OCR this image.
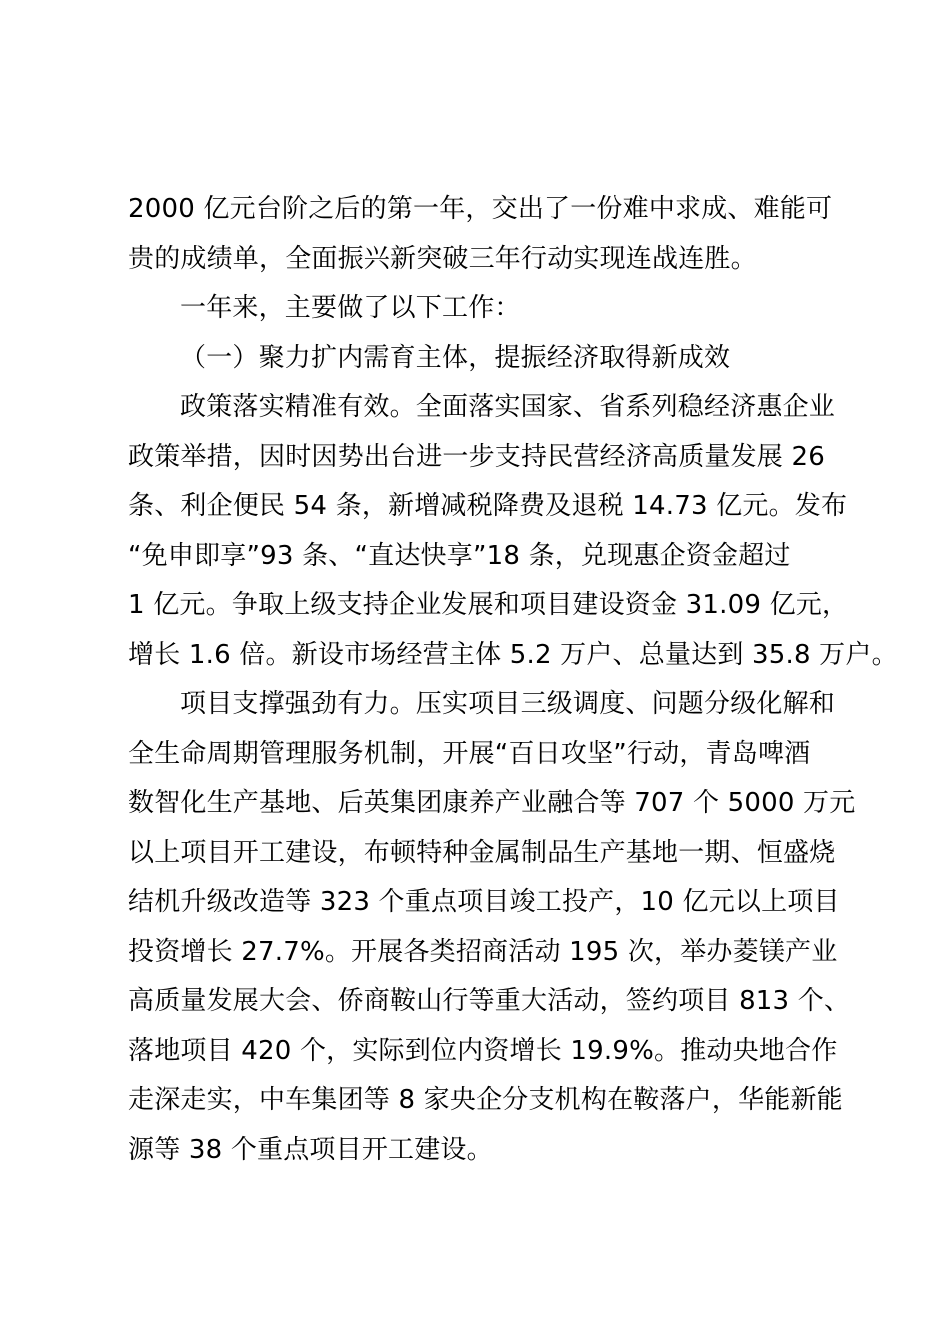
2000 亿元台阶之后的第一年，交出了一份难中求成、难能可
贵的成绩单，全面振兴新突破三年行动实现连战连胜。
一年来，主要做了以下工作：
（一）聚力扩内需育主体，提振经济取得新成效
政策落实精准有效。全面落实国家、省系列稳经济惠企业
政策举措，因时因势出台进一步支持民营经济高质量发展 26
条、利企便民 54 条，新增减税降费及退税 14.73 亿元。发布
“免申即享”93 条、“直达快享”18 条，兑现惠企资金超过
1 亿元。争取上级支持企业发展和项目建设资金 31.09 亿元，
增长 1.6 倍。新设市场经营主体 5.2 万户、总量达到 35.8 万户。
项目支撑强劲有力。压实项目三级调度、问题分级化解和
全生命周期管理服务机制，开展“百日攻坚”行动，青岛啤酒
数智化生产基地、后英集团康养产业融合等 707 个 5000 万元
以上项目开工建设，布顿特种金属制品生产基地一期、恒盛烧
结机升级改造等 323 个重点项目竣工投产，10 亿元以上项目
投资增长 27.7%。开展各类招商活动 195 次，举办菱镁产业
高质量发展大会、侨商鞍山行等重大活动，签约项目 813 个、
落地项目 420 个，实际到位内资增长 19.9%。推动央地合作
走深走实，中车集团等 8 家央企分支机构在鞍落户，华能新能
源等 38 个重点项目开工建设。
